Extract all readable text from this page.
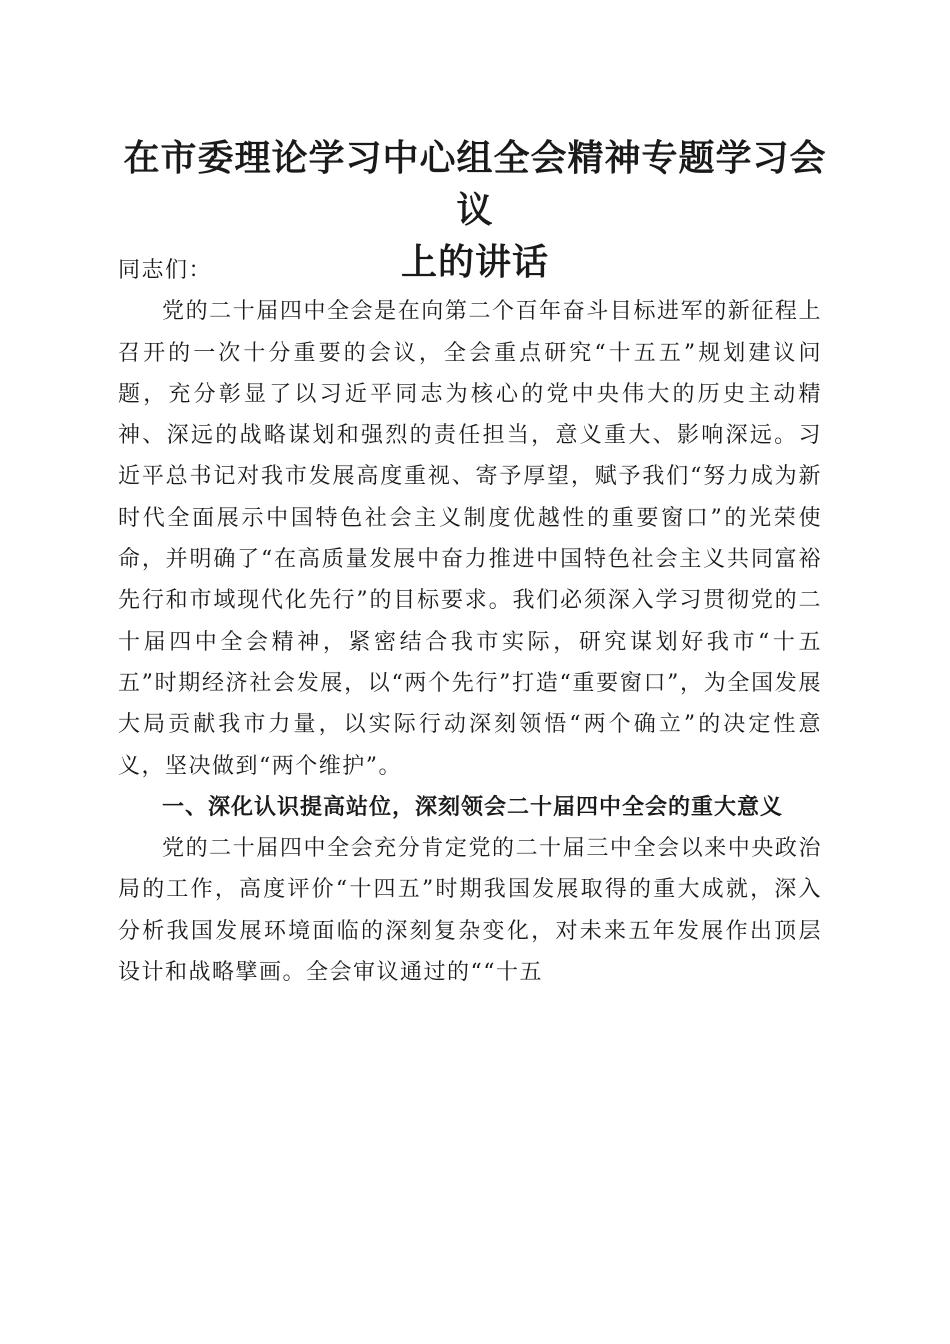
在市委理论学习中心组全会精神专题学习会议
上的讲话

同志们：

党的二十届四中全会是在向第二个百年奋斗目标进军的新征程上召开的一次十分重要的会议，全会重点研究“十五五”规划建议问题，充分彰显了以习近平同志为核心的党中央伟大的历史主动精神、深远的战略谋划和强烈的责任担当，意义重大、影响深远。习近平总书记对我市发展高度重视、寄予厚望，赋予我们“努力成为新时代全面展示中国特色社会主义制度优越性的重要窗口”的光荣使命，并明确了“在高质量发展中奋力推进中国特色社会主义共同富裕先行和市域现代化先行”的目标要求。我们必须深入学习贯彻党的二十届四中全会精神，紧密结合我市实际，研究谋划好我市“十五五”时期经济社会发展，以“两个先行”打造“重要窗口”，为全国发展大局贡献我市力量，以实际行动深刻领悟“两个确立”的决定性意义，坚决做到“两个维护”。

一、深化认识提高站位，深刻领会二十届四中全会的重大意义

党的二十届四中全会充分肯定党的二十届三中全会以来中央政治局的工作，高度评价“十四五”时期我国发展取得的重大成就，深入分析我国发展环境面临的深刻复杂变化，对未来五年发展作出顶层设计和战略擘画。全会审议通过的““十五
